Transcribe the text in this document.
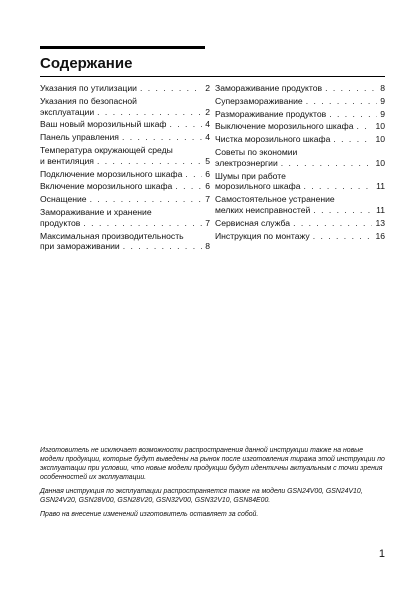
Содержание
Указания по утилизации . . .	2
Указания по безопасной
эксплуатации . . .	2
Ваш новый морозильный шкаф . . .	4
Панель управления . . .	4
Температура окружающей среды
и вентиляция . . .	5
Подключение морозильного шкафа . . .	6
Включение морозильного шкафа . . .	6
Оснащение . . .	7
Замораживание и хранение
продуктов . . .	7
Максимальная производительность
при замораживании . . .	8
Замораживание продуктов . . .	8
Суперзамораживание . . .	9
Размораживание продуктов . . .	9
Выключение морозильного шкафа . . .	10
Чистка морозильного шкафа . . .	10
Советы по экономии
электроэнергии . . .	10
Шумы при работе
морозильного шкафа . . .	11
Самостоятельное устранение
мелких неисправностей . . .	11
Сервисная служба . . .	13
Инструкция по монтажу . . .	16

Изготовитель не исключает возможности распространения данной инструкции также на новые модели продукции, которые будут выведены на рынок после изготовления тиража этой инструкции по эксплуатации при условии, что новые модели продукции будут идентичны актуальным с точки зрения особенностей их эксплуатации.

Данная инструкция по эксплуатации распространяется также на модели GSN24V00, GSN24V10, GSN24V20, GSN28V00, GSN28V20, GSN32V00, GSN32V10, GSN84E00.

Право на внесение изменений изготовитель оставляет за собой.

1
